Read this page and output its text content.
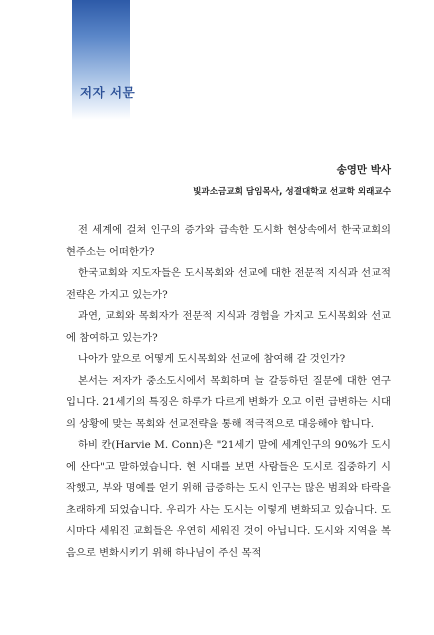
저자 서문
송영만 박사
빛과소금교회 담임목사, 성결대학교 선교학 외래교수

전 세계에 걸쳐 인구의 증가와 급속한 도시화 현상속에서 한국교회의 현주소는 어떠한가?

한국교회와 지도자들은 도시목회와 선교에 대한 전문적 지식과 선교적 전략은 가지고 있는가?

과연, 교회와 목회자가 전문적 지식과 경험을 가지고 도시목회와 선교에 참여하고 있는가?

나아가 앞으로 어떻게 도시목회와 선교에 참여해 갈 것인가?

본서는 저자가 중소도시에서 목회하며 늘 갈등하던 질문에 대한 연구입니다. 21세기의 특징은 하루가 다르게 변화가 오고 이런 급변하는 시대의 상황에 맞는 목회와 선교전략을 통해 적극적으로 대응해야 합니다.

하비 칸(Harvie M. Conn)은 "21세기 말에 세계인구의 90%가 도시에 산다"고 말하였습니다. 현 시대를 보면 사람들은 도시로 집중하기 시작했고, 부와 명예를 얻기 위해 급증하는 도시 인구는 많은 범죄와 타락을 초래하게 되었습니다. 우리가 사는 도시는 이렇게 변화되고 있습니다. 도시마다 세워진 교회들은 우연히 세워진 것이 아닙니다. 도시와 지역을 복음으로 변화시키기 위해 하나님이 주신 목적
